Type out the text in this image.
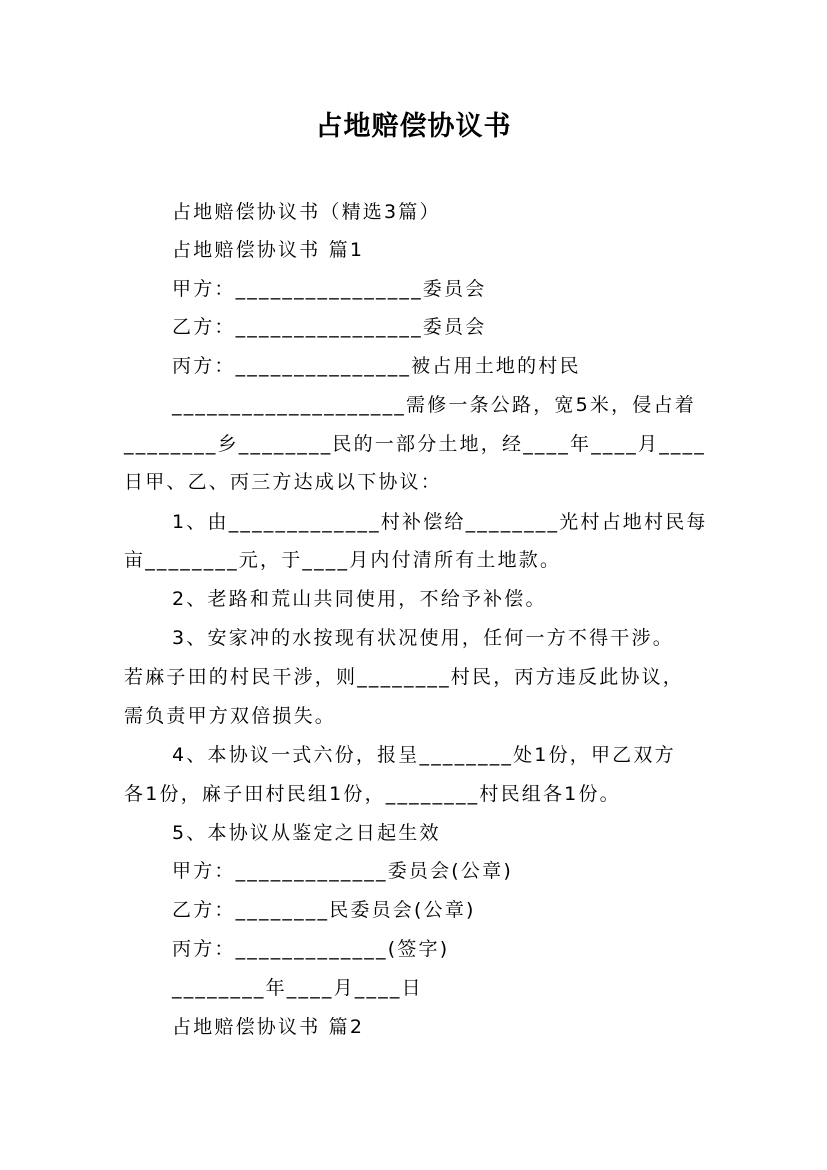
占地赔偿协议书
占地赔偿协议书（精选3篇）
占地赔偿协议书 篇1
甲方：________________委员会
乙方：________________委员会
丙方：_______________被占用土地的村民
____________________需修一条公路，宽5米，侵占着
________乡________民的一部分土地，经____年____月____
日甲、乙、丙三方达成以下协议：
1、由_____________村补偿给________光村占地村民每
亩________元，于____月内付清所有土地款。
2、老路和荒山共同使用，不给予补偿。
3、安家冲的水按现有状况使用，任何一方不得干涉。
若麻子田的村民干涉，则________村民，丙方违反此协议，
需负责甲方双倍损失。
4、本协议一式六份，报呈________处1份，甲乙双方
各1份，麻子田村民组1份，________村民组各1份。
5、本协议从鉴定之日起生效
甲方：_____________委员会(公章)
乙方：________民委员会(公章)
丙方：_____________(签字)
________年____月____日
占地赔偿协议书 篇2
